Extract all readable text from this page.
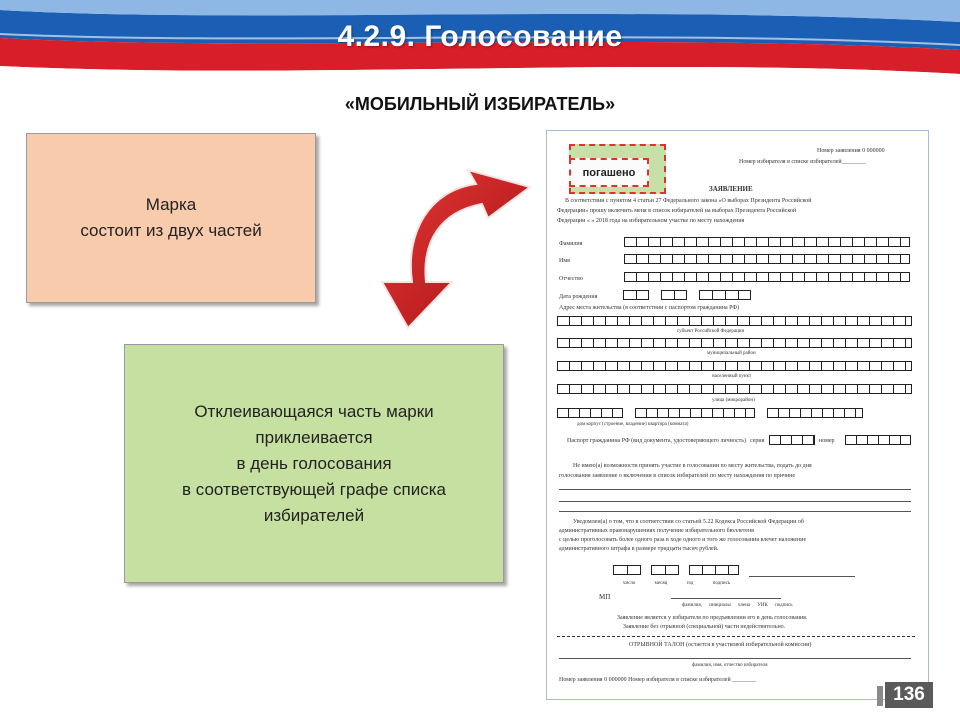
4.2.9. Голосование
«МОБИЛЬНЫЙ ИЗБИРАТЕЛЬ»
Марка
состоит из двух частей
Отклеивающаяся часть марки
приклеивается
в день голосования
в соответствующей графе списка
избирателей
погашено
Номер заявления 0 000000
Номер избирателя в списке избирателей________
ЗАЯВЛЕНИЕ
В соответствии с пунктом 4 статьи 27 Федерального закона «О выборах Президента Российской
Федерации» прошу включить меня в список избирателей на выборах Президента Российской
Федерации « » 2018 года на избирательном участке по месту нахождения
Фамилия
Имя
Отчество
Дата рождения
Адрес места жительства (в соответствии с паспортом гражданина РФ)
субъект Российской Федерации
муниципальный район
населенный пункт
улица (микрорайон)
дом корпус (строение, владение) квартира (комната)
Паспорт гражданина РФ (вид документа, удостоверяющего личность) серия	номер
Не имею(а) возможности принять участие в голосовании по месту жительства, подать до дня
голосования заявление о включении в список избирателей по месту нахождения по причине
Уведомлен(а) о том, что в соответствии со статьей 5.22 Кодекса Российской Федерации об
административных правонарушениях получение избирательного бюллетеня
с целью проголосовать более одного раза в ходе одного и того же голосования влечет наложение
административного штрафа в размере тридцати тысяч рублей.
число месяц год подпись
МП
фамилия, инициалы члена УИК подпись
Заявление является у избирателя по предъявлении его в день голосования.
Заявление без отрывной (специальной) части недействительно.
ОТРЫВНОЙ ТАЛОН (остается в участковой избирательной комиссии)
фамилия, имя, отчество избирателя
Номер заявления 0 000000 Номер избирателя в списке избирателей ________
136
